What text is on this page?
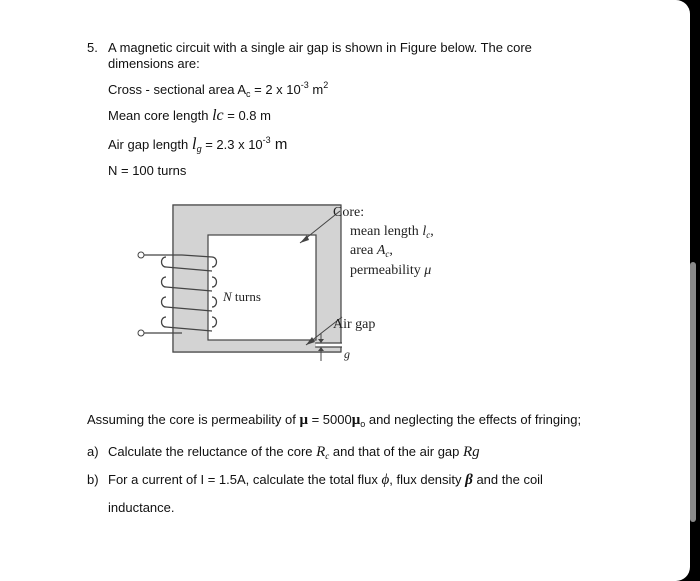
5. A magnetic circuit with a single air gap is shown in Figure below. The core
dimensions are:
Cross - sectional area $A_c = 2$ x $10^{-3}$ $m^2$
Mean core length lc = 0.8 m
Air gap length $l_g = 2.3$ x $10^{-3}$ m
N = 100 turns
Core:
mean length $l_c$,
area $A_c$,
permeability μ
Air gap
g
N turns
Assuming the core is permeability of $\mu = 5000\mu_o$ and neglecting the effects of fringing;
a) Calculate the reluctance of the core $R_c$ and that of the air gap Rg
b) For a current of I = 1.5A, calculate the total flux ϕ, flux density β and the coil
inductance.
